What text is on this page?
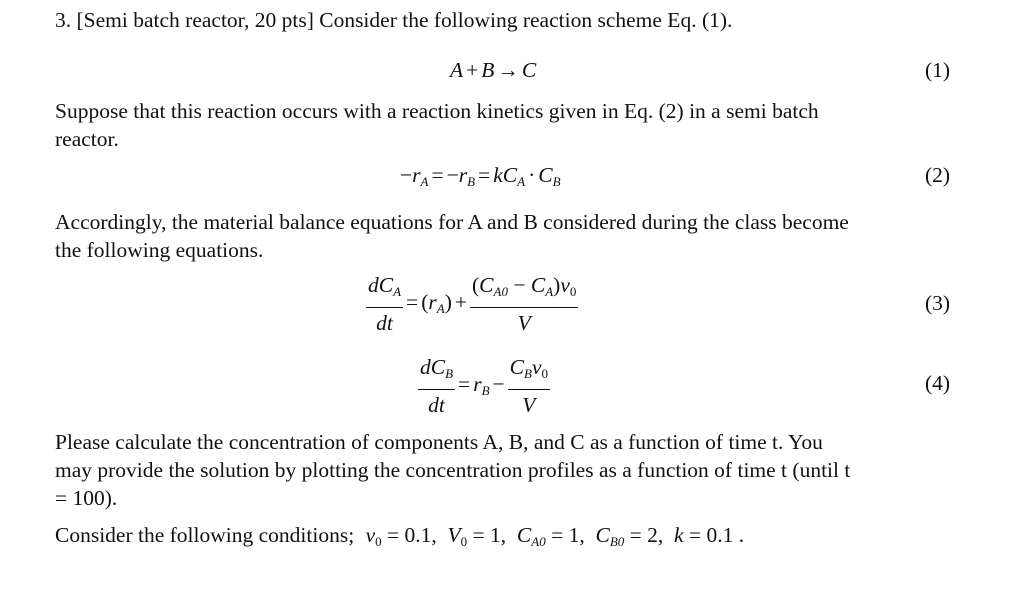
3. [Semi batch reactor, 20 pts] Consider the following reaction scheme Eq. (1).
A + B → C	(1)
Suppose that this reaction occurs with a reaction kinetics given in Eq. (2) in a semi batch
reactor.
$-r_A = -r_B = kC_A \cdot C_B$	(2)
Accordingly, the material balance equations for A and B considered during the class become
the following equations.
$\frac{dC_A}{dt} = (r_A) + \frac{(C_{A0} - C_A)v_0}{V}$	(3)
$\frac{dC_B}{dt} = r_B - \frac{C_Bv_0}{V}$	(4)
Please calculate the concentration of components A, B, and C as a function of time t. You
may provide the solution by plotting the concentration profiles as a function of time t (until t
= 100).
Consider the following conditions; $v_0 = 0.1$,  $V_0 = 1$,  $C_{A0} = 1$,  $C_{B0} = 2$,  k = 0.1 .
